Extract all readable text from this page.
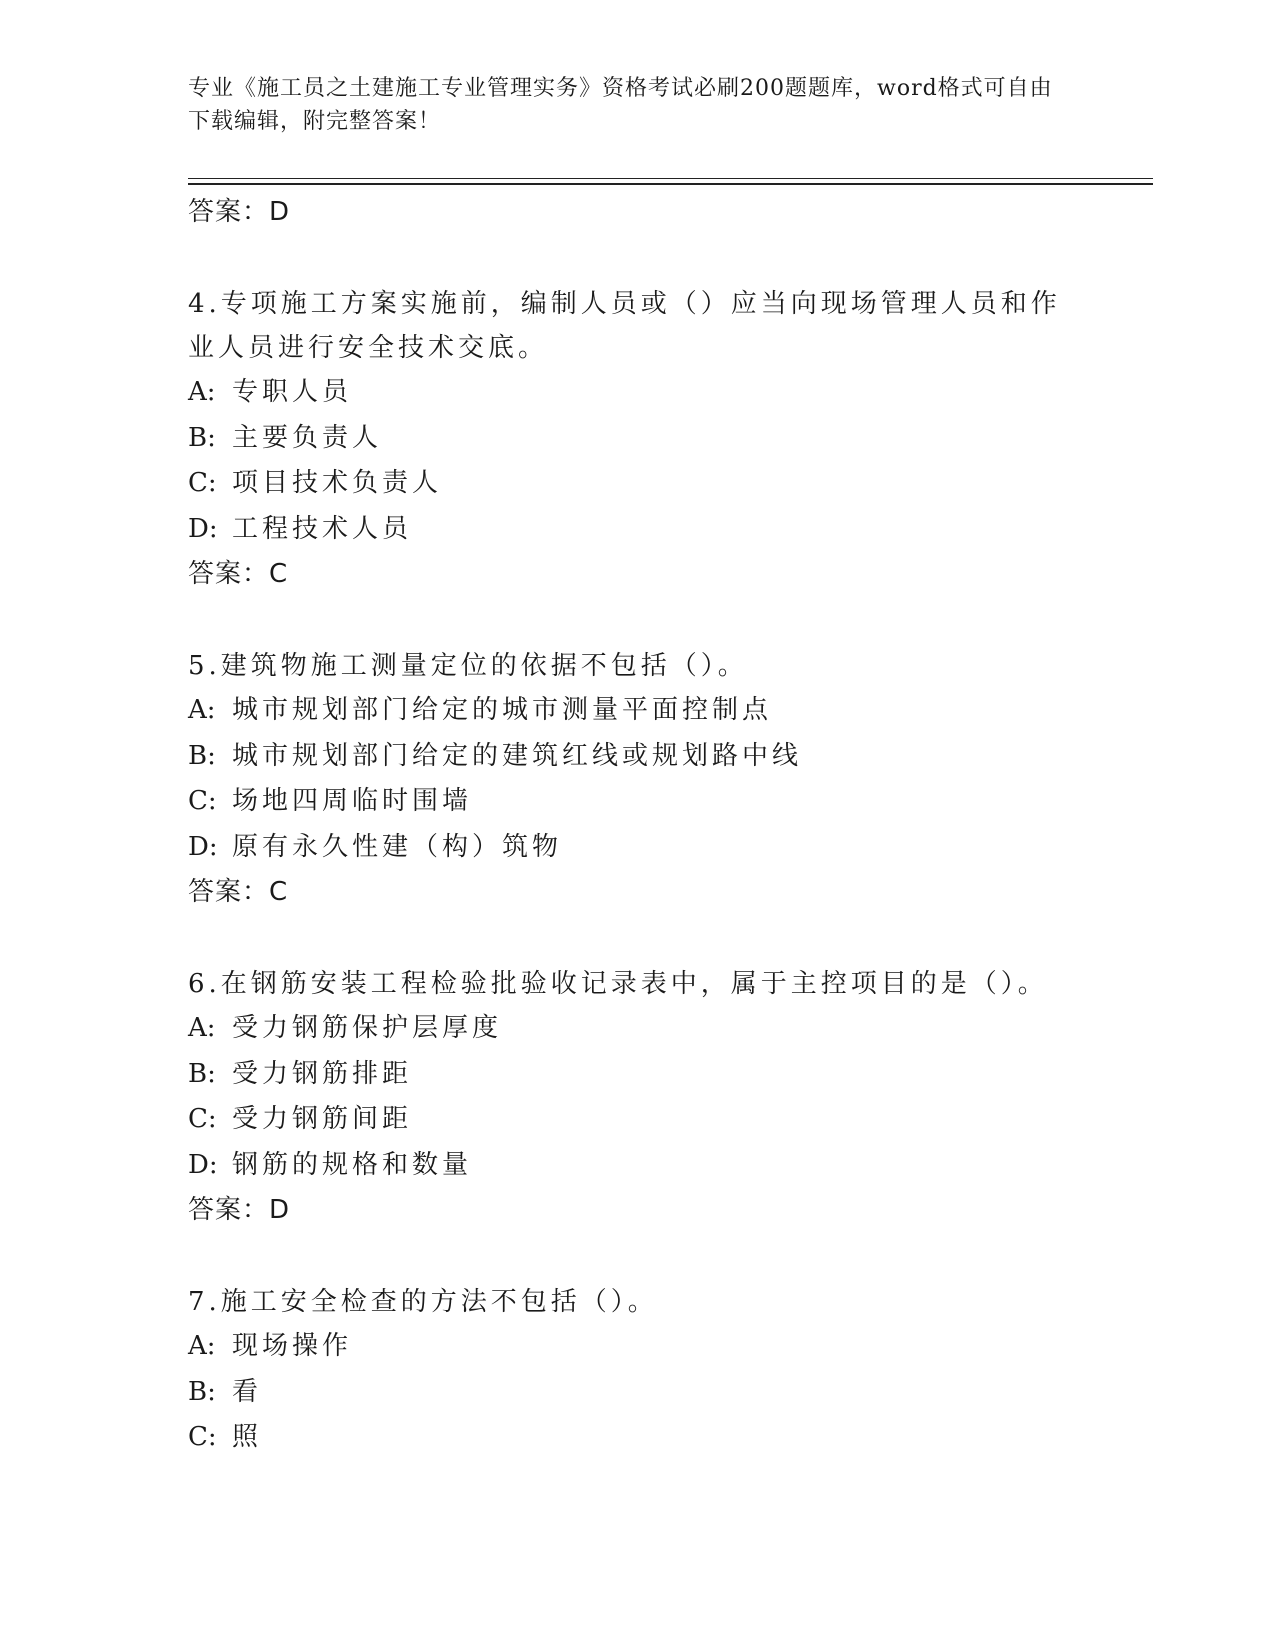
专业《施工员之土建施工专业管理实务》资格考试必刷200题题库，word格式可自由下载编辑，附完整答案！
答案：D
4.专项施工方案实施前，编制人员或（）应当向现场管理人员和作业人员进行安全技术交底。
A: 专职人员
B: 主要负责人
C: 项目技术负责人
D: 工程技术人员
答案：C
5.建筑物施工测量定位的依据不包括（）。
A: 城市规划部门给定的城市测量平面控制点
B: 城市规划部门给定的建筑红线或规划路中线
C: 场地四周临时围墙
D: 原有永久性建（构）筑物
答案：C
6.在钢筋安装工程检验批验收记录表中，属于主控项目的是（）。
A: 受力钢筋保护层厚度
B: 受力钢筋排距
C: 受力钢筋间距
D: 钢筋的规格和数量
答案：D
7.施工安全检查的方法不包括（）。
A: 现场操作
B: 看
C: 照
